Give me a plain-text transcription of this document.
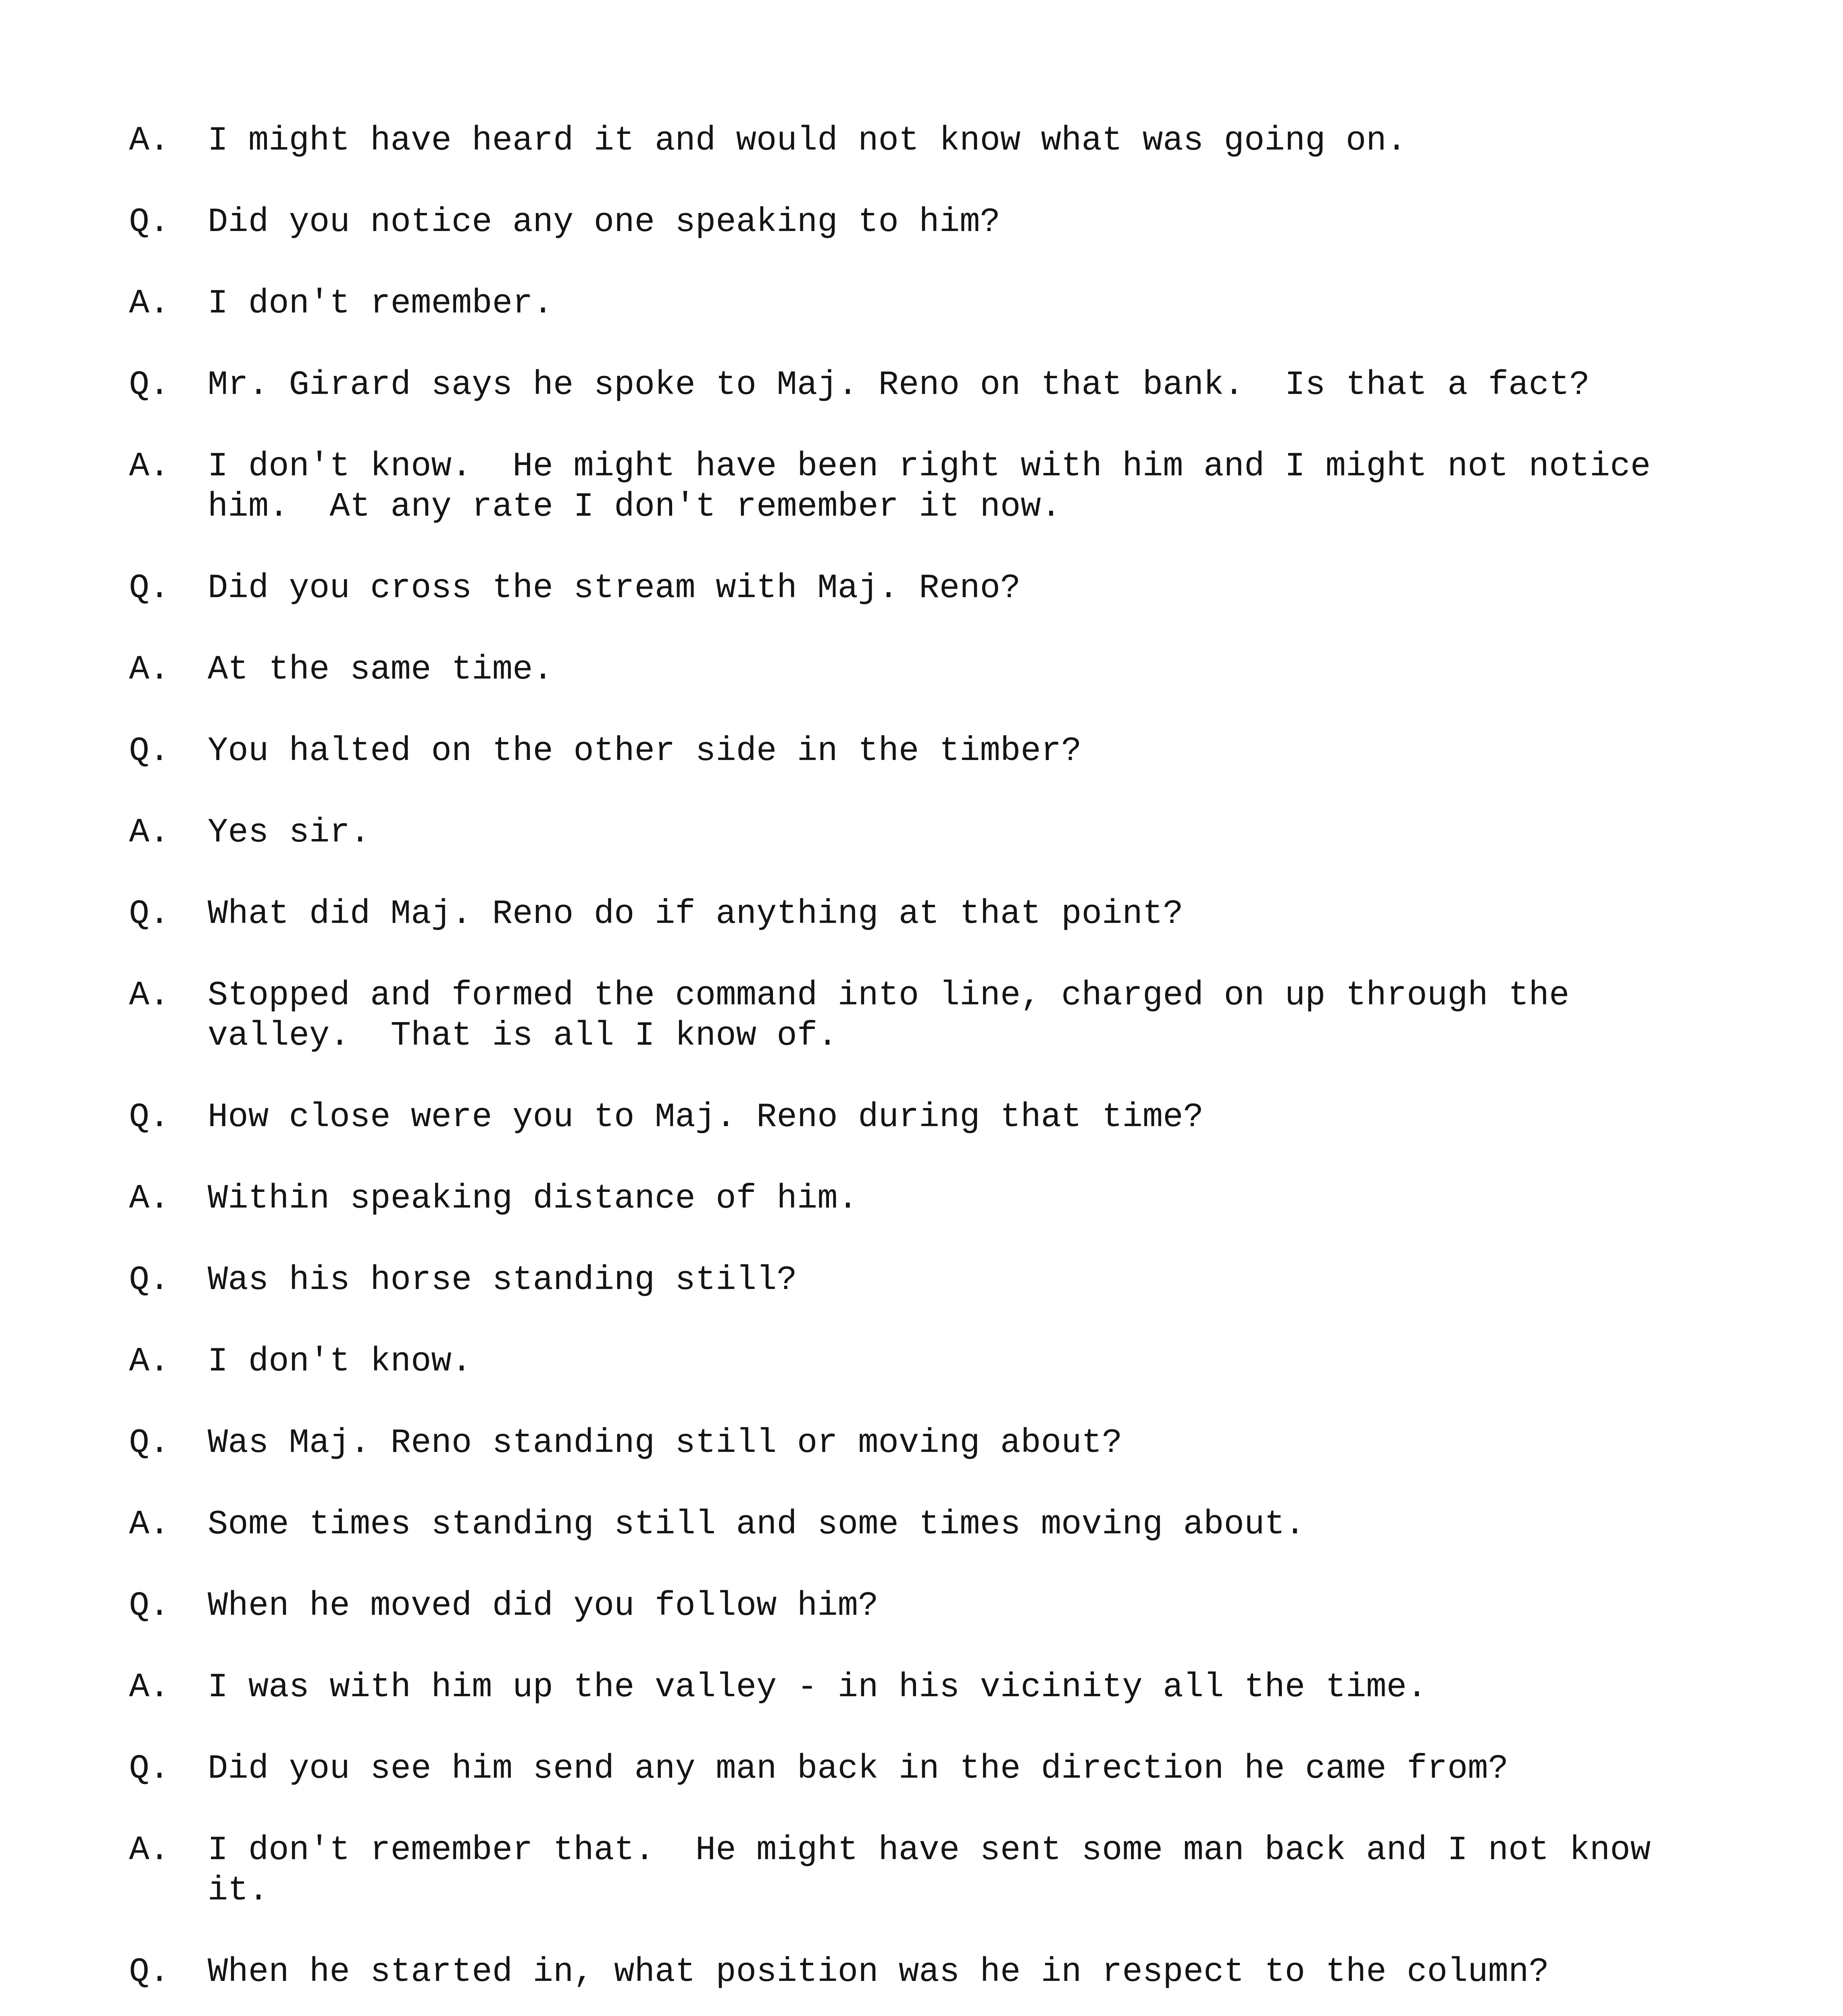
A.	I might have heard it and would not know what was going on.
Q.	Did you notice any one speaking to him?
A.	I don't remember.
Q.	Mr. Girard says he spoke to Maj. Reno on that bank.  Is that a fact?
A.	I don't know.  He might have been right with him and I might not notice
him.  At any rate I don't remember it now.
Q.	Did you cross the stream with Maj. Reno?
A.	At the same time.
Q.	You halted on the other side in the timber?
A.	Yes sir.
Q.	What did Maj. Reno do if anything at that point?
A.	Stopped and formed the command into line, charged on up through the
valley.  That is all I know of.
Q.	How close were you to Maj. Reno during that time?
A.	Within speaking distance of him.
Q.	Was his horse standing still?
A.	I don't know.
Q.	Was Maj. Reno standing still or moving about?
A.	Some times standing still and some times moving about.
Q.	When he moved did you follow him?
A.	I was with him up the valley - in his vicinity all the time.
Q.	Did you see him send any man back in the direction he came from?
A.	I don't remember that.  He might have sent some man back and I not know
it.
Q.	When he started in, what position was he in respect to the column?
